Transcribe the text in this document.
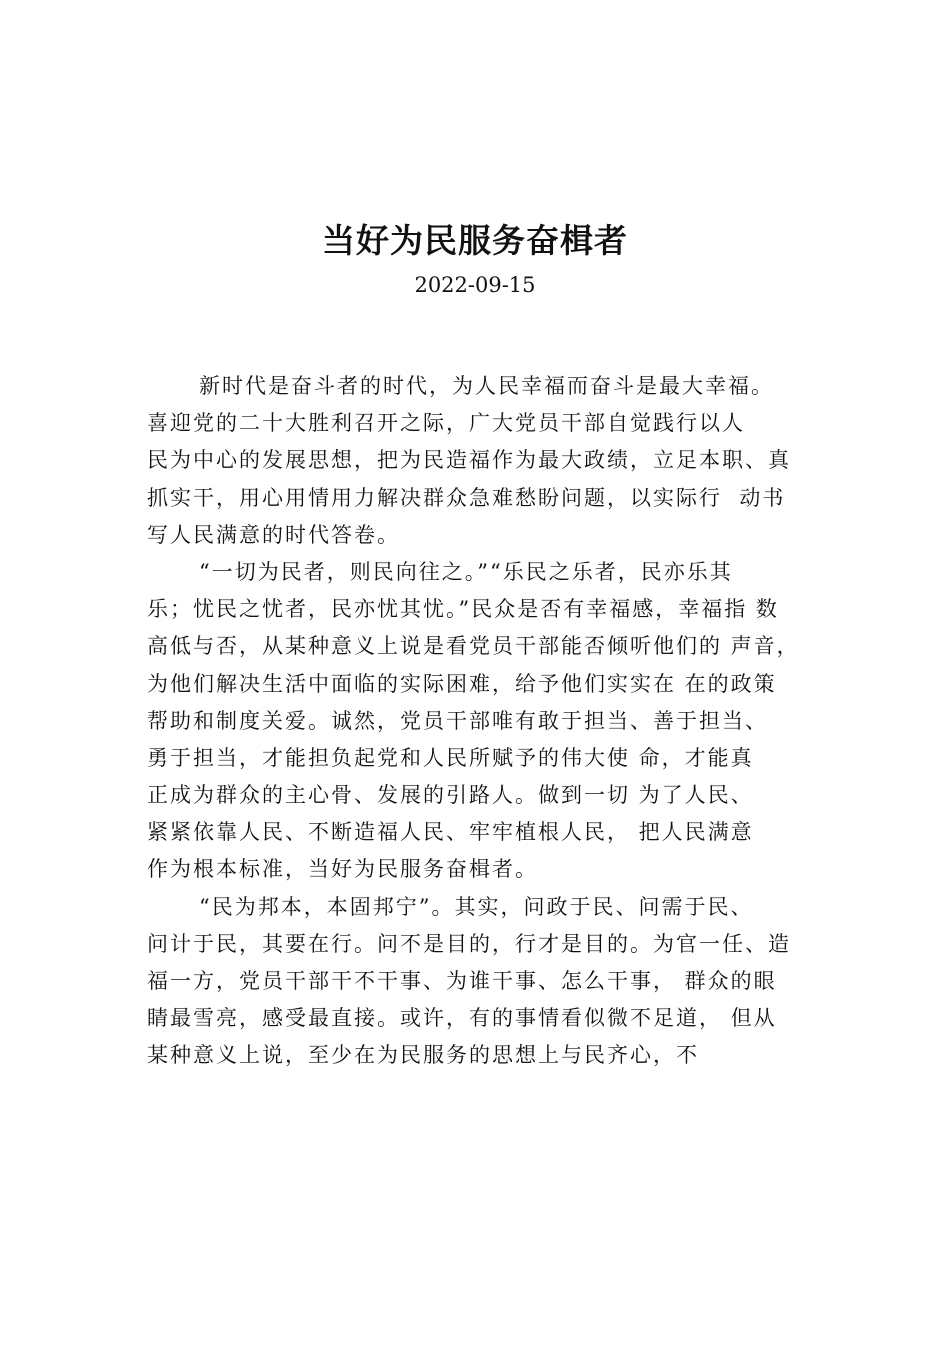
当好为民服务奋楫者
2022-09-15
新时代是奋斗者的时代，为人民幸福而奋斗是最大幸福。
喜迎党的二十大胜利召开之际，广大党员干部自觉践行以人
民为中心的发展思想，把为民造福作为最大政绩，立足本职、真
抓实干，用心用情用力解决群众急难愁盼问题，以实际行  动书
写人民满意的时代答卷。
“一切为民者，则民向往之。”“乐民之乐者，民亦乐其
乐；忧民之忧者，民亦忧其忧。”民众是否有幸福感，幸福指 数
高低与否，从某种意义上说是看党员干部能否倾听他们的 声音，
为他们解决生活中面临的实际困难，给予他们实实在 在的政策
帮助和制度关爱。诚然，党员干部唯有敢于担当、善于担当、
勇于担当，才能担负起党和人民所赋予的伟大使 命，才能真
正成为群众的主心骨、发展的引路人。做到一切 为了人民、
紧紧依靠人民、不断造福人民、牢牢植根人民， 把人民满意
作为根本标准，当好为民服务奋楫者。
“民为邦本，本固邦宁”。其实，问政于民、问需于民、
问计于民，其要在行。问不是目的，行才是目的。为官一任、造
福一方，党员干部干不干事、为谁干事、怎么干事， 群众的眼
睛最雪亮，感受最直接。或许，有的事情看似微不足道， 但从
某种意义上说，至少在为民服务的思想上与民齐心，不
